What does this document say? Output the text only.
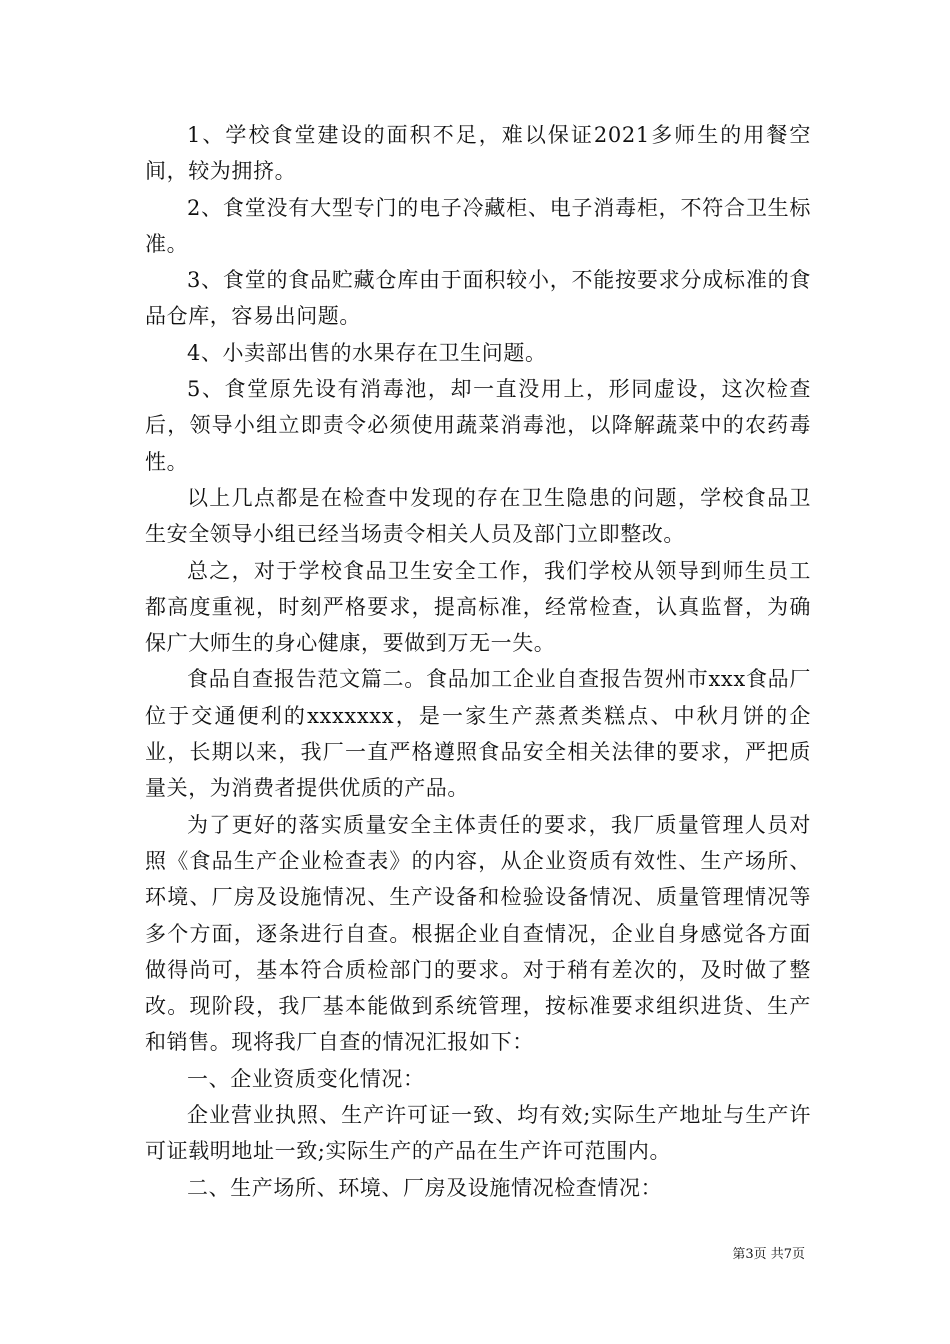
1、学校食堂建设的面积不足，难以保证2021多师生的用餐空间，较为拥挤。

2、食堂没有大型专门的电子冷藏柜、电子消毒柜，不符合卫生标准。

3、食堂的食品贮藏仓库由于面积较小，不能按要求分成标准的食品仓库，容易出问题。

4、小卖部出售的水果存在卫生问题。

5、食堂原先设有消毒池，却一直没用上，形同虚设，这次检查后，领导小组立即责令必须使用蔬菜消毒池，以降解蔬菜中的农药毒性。

以上几点都是在检查中发现的存在卫生隐患的问题，学校食品卫生安全领导小组已经当场责令相关人员及部门立即整改。

总之，对于学校食品卫生安全工作，我们学校从领导到师生员工都高度重视，时刻严格要求，提高标准，经常检查，认真监督，为确保广大师生的身心健康，要做到万无一失。

食品自查报告范文篇二。食品加工企业自查报告贺州市xxx食品厂位于交通便利的xxxxxxx，是一家生产蒸煮类糕点、中秋月饼的企业，长期以来，我厂一直严格遵照食品安全相关法律的要求，严把质量关，为消费者提供优质的产品。

为了更好的落实质量安全主体责任的要求，我厂质量管理人员对照《食品生产企业检查表》的内容，从企业资质有效性、生产场所、环境、厂房及设施情况、生产设备和检验设备情况、质量管理情况等多个方面，逐条进行自查。根据企业自查情况，企业自身感觉各方面做得尚可，基本符合质检部门的要求。对于稍有差次的，及时做了整改。现阶段，我厂基本能做到系统管理，按标准要求组织进货、生产和销售。现将我厂自查的情况汇报如下：

一、企业资质变化情况：

企业营业执照、生产许可证一致、均有效;实际生产地址与生产许可证载明地址一致;实际生产的产品在生产许可范围内。

二、生产场所、环境、厂房及设施情况检查情况：

第3页 共7页
